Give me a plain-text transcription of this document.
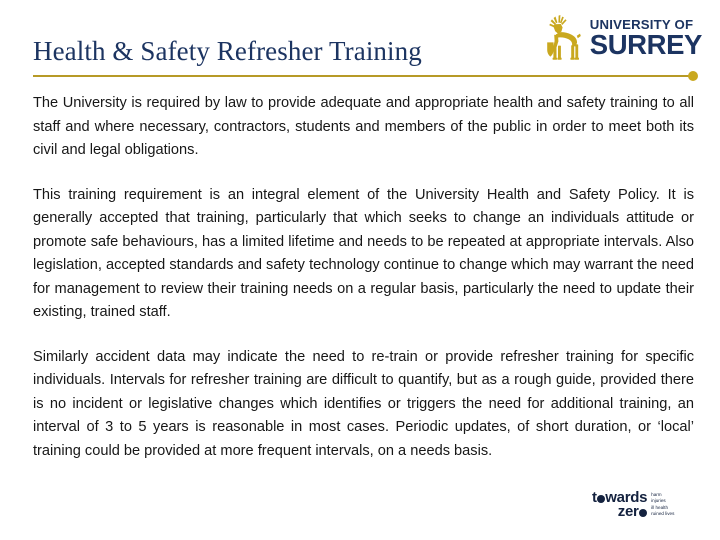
Health & Safety Refresher Training
UNIVERSITY OF
SURREY

The University is required by law to provide adequate and appropriate health and safety training to all staff and where necessary, contractors, students and members of the public in order to meet both its civil and legal obligations.

This training requirement is an integral element of the University Health and Safety Policy. It is generally accepted that training, particularly that which seeks to change an individuals attitude or promote safe behaviours, has a limited lifetime and needs to be repeated at appropriate intervals. Also legislation, accepted standards and safety technology continue to change which may warrant the need for management to review their training needs on a regular basis, particularly the need to update their existing, trained staff.

Similarly accident data may indicate the need to re-train or provide refresher training for specific individuals. Intervals for refresher training are difficult to quantify, but as a rough guide, provided there is no incident or legislative changes which identifies or triggers the need for additional training, an interval of 3 to 5 years is reasonable in most cases. Periodic updates, of short duration, or ‘local’ training could be provided at more frequent intervals, on a needs basis.

t wards
zer
harm
injuries
ill health
ruined lives
